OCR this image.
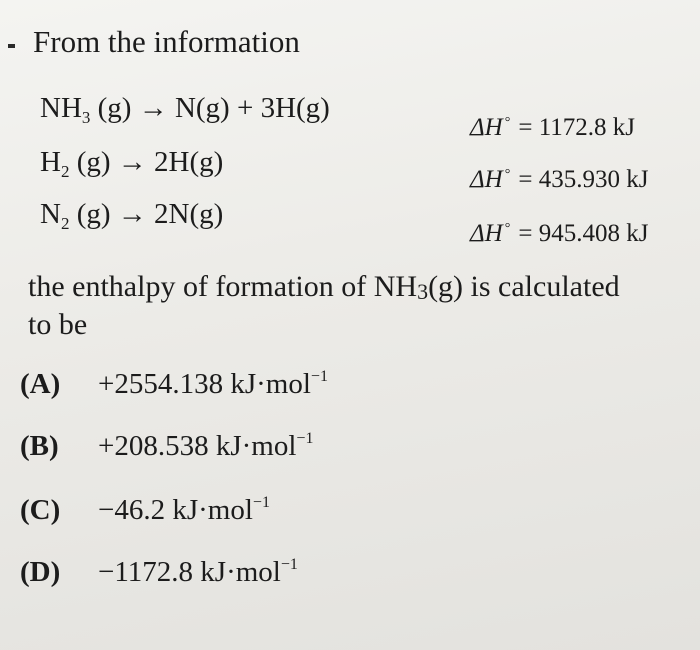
From the information
$NH_3$ (g) → N(g) + 3H(g)
ΔH ° = 1172.8 kJ
$H_2$ (g) → 2H(g)
ΔH ° = 435.930 kJ
$N_2$ (g) → 2N(g)
ΔH ° = 945.408 kJ
the enthalpy of formation of $NH_3(g)$ is calculated to be
(A) +2554.138 kJ·mol$^{-1}$
(B) +208.538 kJ·mol$^{-1}$
(C) −46.2 kJ·mol$^{-1}$
(D) −1172.8 kJ·mol$^{-1}$
